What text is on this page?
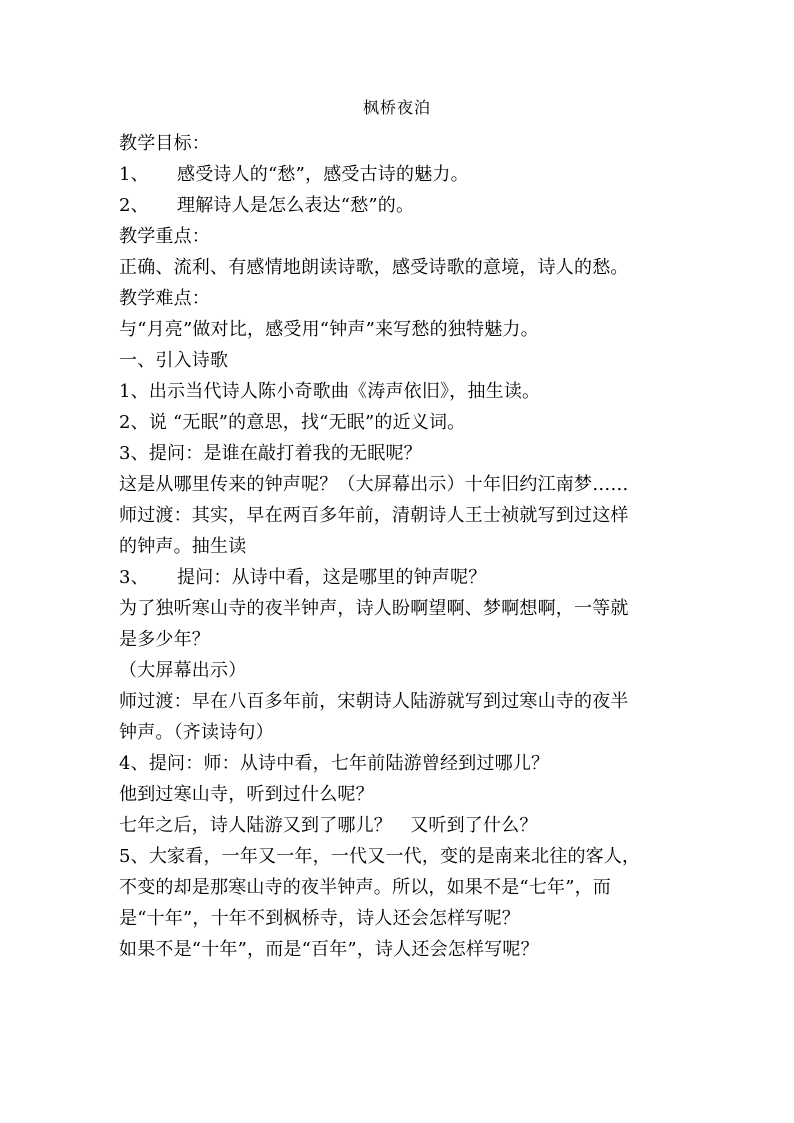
枫桥夜泊
教学目标：
1、 感受诗人的“愁”，感受古诗的魅力。
2、 理解诗人是怎么表达“愁”的。
教学重点：
正确、流利、有感情地朗读诗歌，感受诗歌的意境，诗人的愁。
教学难点：
与“月亮”做对比，感受用“钟声”来写愁的独特魅力。
一、引入诗歌
1、出示当代诗人陈小奇歌曲《涛声依旧》，抽生读。
2、说 “无眠”的意思，找“无眠”的近义词。
3、提问：是谁在敲打着我的无眠呢？
这是从哪里传来的钟声呢？（大屏幕出示）十年旧约江南梦……
师过渡：其实，早在两百多年前，清朝诗人王士祯就写到过这样
的钟声。抽生读
3、 提问：从诗中看，这是哪里的钟声呢？
为了独听寒山寺的夜半钟声，诗人盼啊望啊、梦啊想啊，一等就
是多少年？
（大屏幕出示）
师过渡：早在八百多年前，宋朝诗人陆游就写到过寒山寺的夜半
钟声。（齐读诗句）
4、提问：师：从诗中看，七年前陆游曾经到过哪儿？
他到过寒山寺，听到过什么呢？
七年之后，诗人陆游又到了哪儿？　又听到了什么？
5、大家看，一年又一年，一代又一代，变的是南来北往的客人，
不变的却是那寒山寺的夜半钟声。所以，如果不是“七年”，而
是“十年”，十年不到枫桥寺，诗人还会怎样写呢？
如果不是“十年”，而是“百年”，诗人还会怎样写呢？
